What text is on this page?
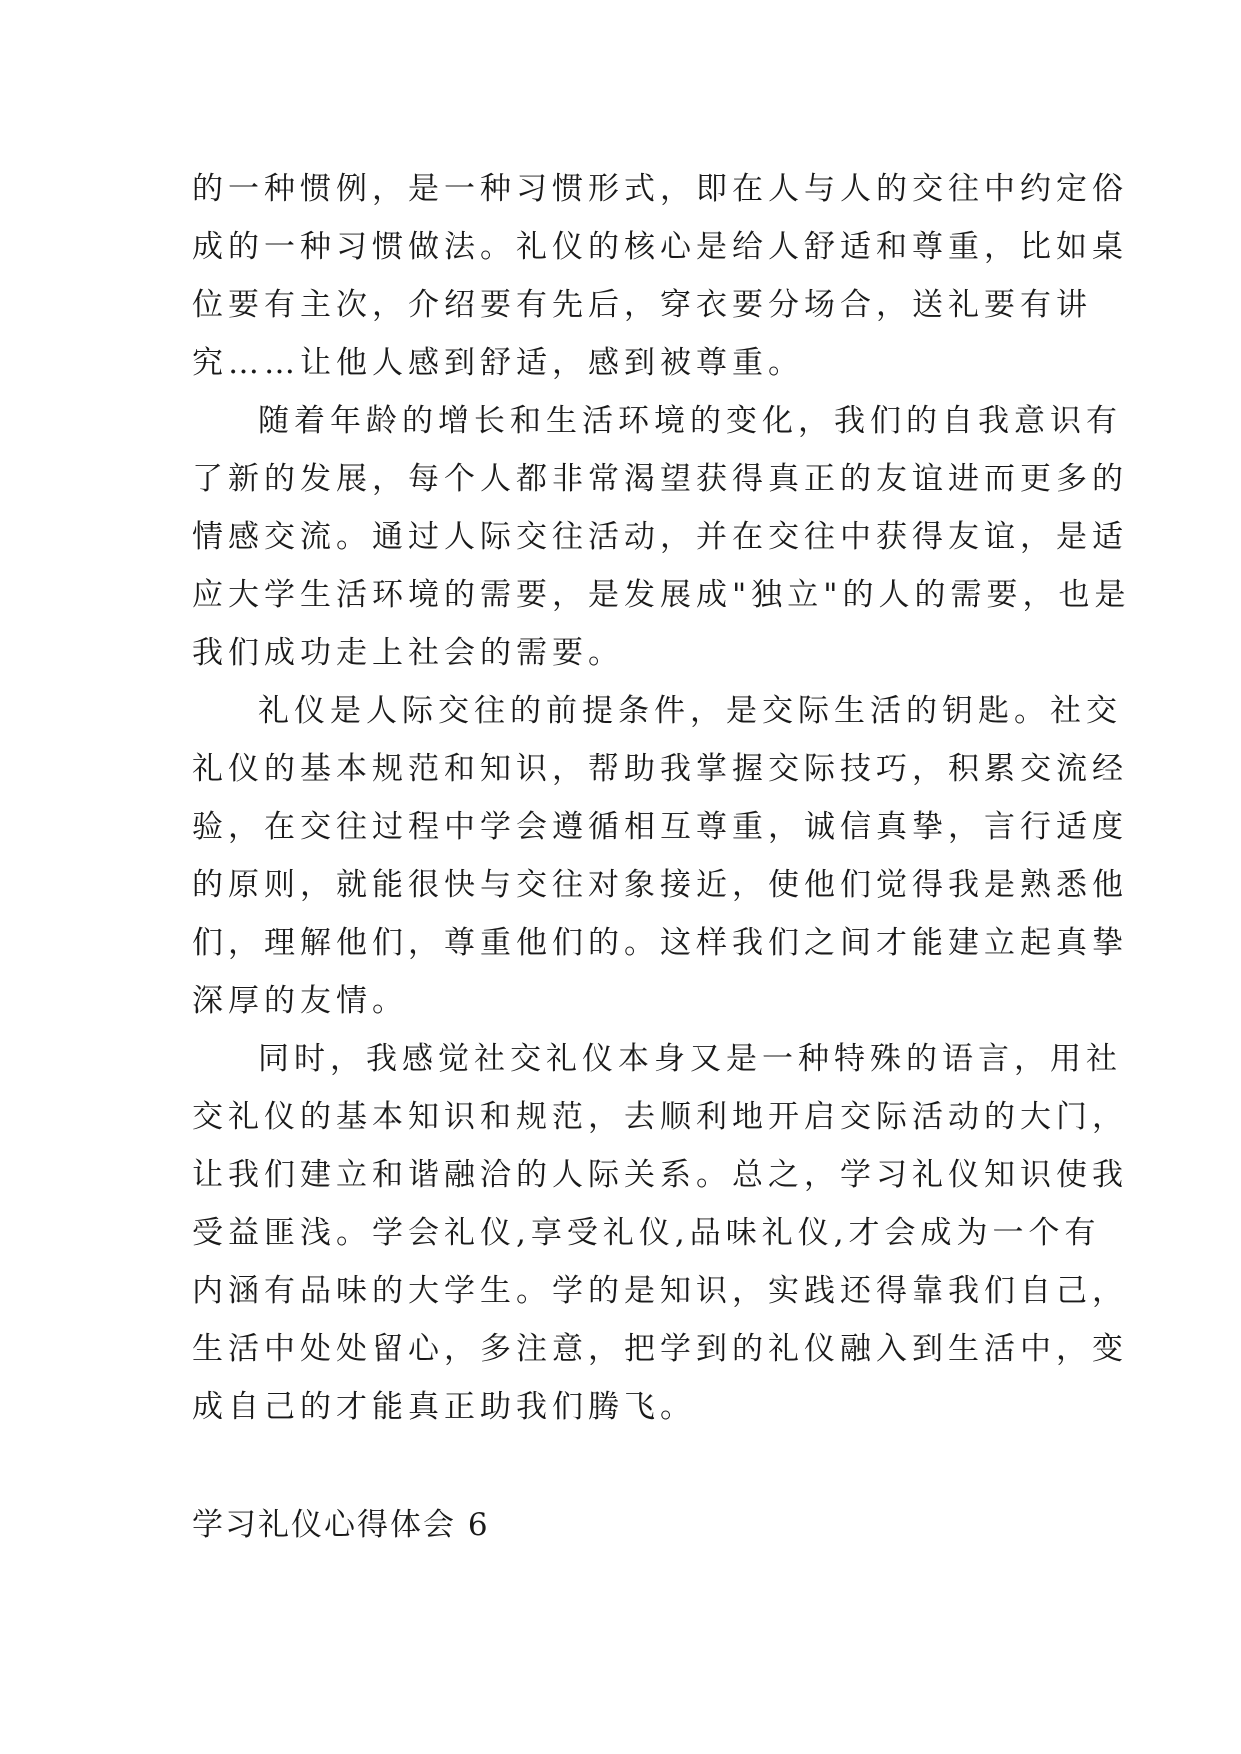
的一种惯例，是一种习惯形式，即在人与人的交往中约定俗
成的一种习惯做法。礼仪的核心是给人舒适和尊重，比如桌
位要有主次，介绍要有先后，穿衣要分场合，送礼要有讲
究……让他人感到舒适，感到被尊重。
随着年龄的增长和生活环境的变化，我们的自我意识有
了新的发展，每个人都非常渴望获得真正的友谊进而更多的
情感交流。通过人际交往活动，并在交往中获得友谊，是适
应大学生活环境的需要，是发展成"独立"的人的需要，也是
我们成功走上社会的需要。
礼仪是人际交往的前提条件，是交际生活的钥匙。社交
礼仪的基本规范和知识，帮助我掌握交际技巧，积累交流经
验，在交往过程中学会遵循相互尊重，诚信真挚，言行适度
的原则，就能很快与交往对象接近，使他们觉得我是熟悉他
们，理解他们，尊重他们的。这样我们之间才能建立起真挚
深厚的友情。
同时，我感觉社交礼仪本身又是一种特殊的语言，用社
交礼仪的基本知识和规范，去顺利地开启交际活动的大门，
让我们建立和谐融洽的人际关系。总之，学习礼仪知识使我
受益匪浅。学会礼仪,享受礼仪,品味礼仪,才会成为一个有
内涵有品味的大学生。学的是知识，实践还得靠我们自己，
生活中处处留心，多注意，把学到的礼仪融入到生活中，变
成自己的才能真正助我们腾飞。
学习礼仪心得体会 6
